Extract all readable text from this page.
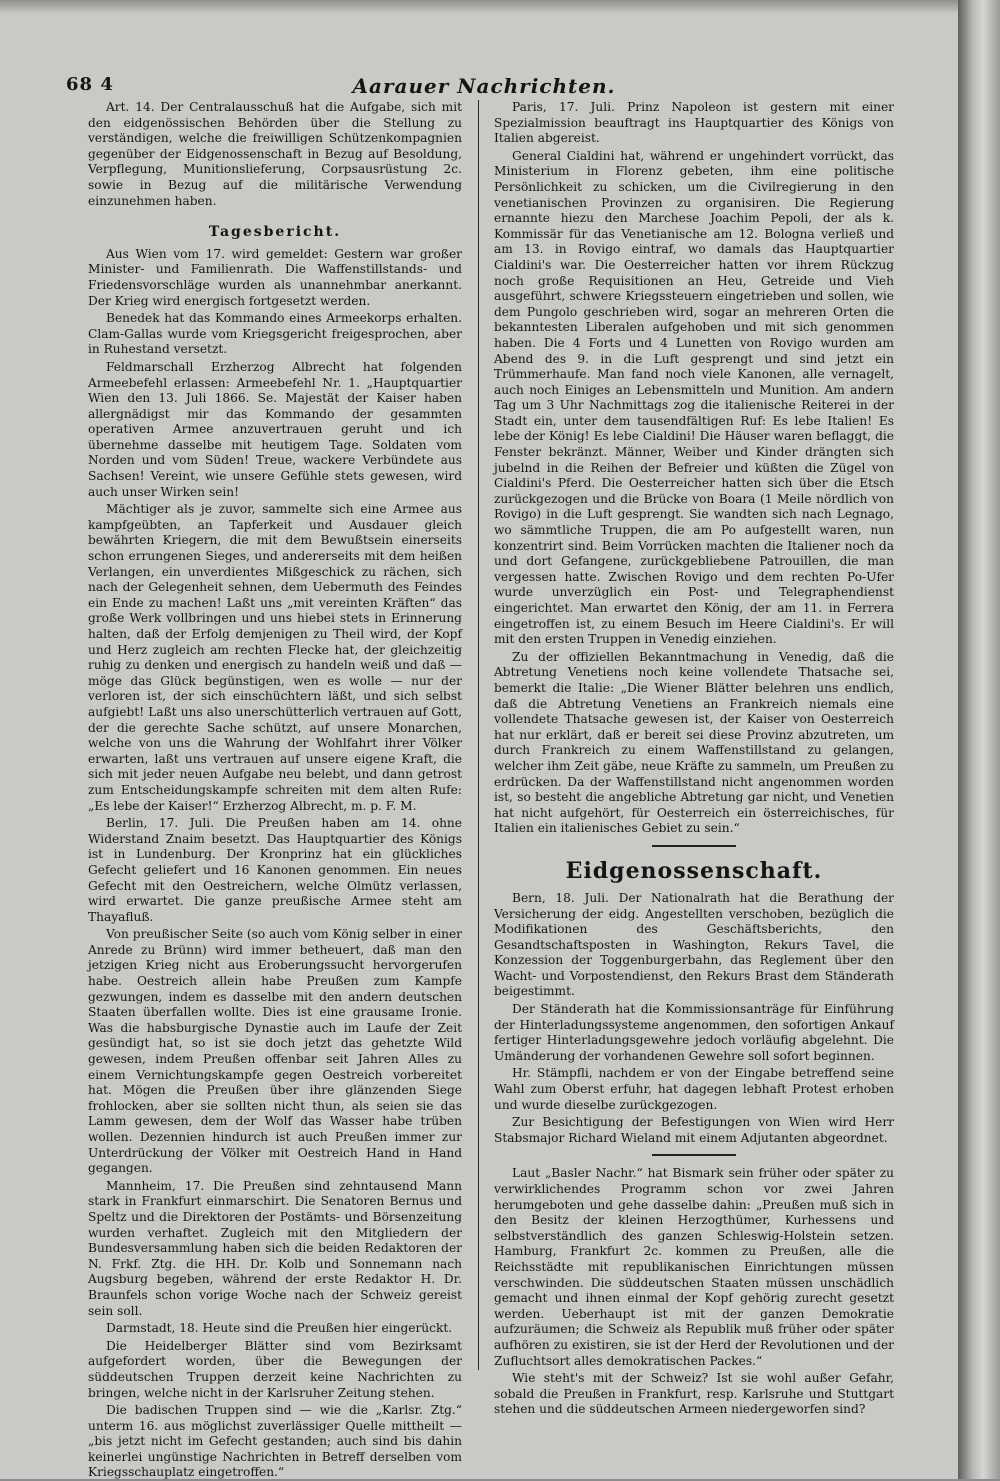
68 4	Aarauer Nachrichten.

Art. 14. Der Centralausschuß hat die Aufgabe, sich mit den eidgenössischen Behörden über die Stellung zu verständigen, welche die freiwilligen Schützenkompagnien gegenüber der Eidgenossenschaft in Bezug auf Besoldung, Verpflegung, Munitionslieferung, Corpsausrüstung 2c. sowie in Bezug auf die militärische Verwendung einzunehmen haben.

Tagesbericht.

Aus Wien vom 17. wird gemeldet: Gestern war großer Minister- und Familienrath. Die Waffenstillstands- und Friedensvorschläge wurden als unannehmbar anerkannt. Der Krieg wird energisch fortgesetzt werden.

Benedek hat das Kommando eines Armeekorps erhalten. Clam-Gallas wurde vom Kriegsgericht freigesprochen, aber in Ruhestand versetzt.

Feldmarschall Erzherzog Albrecht hat folgenden Armeebefehl erlassen: Armeebefehl Nr. 1. „Hauptquartier Wien den 13. Juli 1866. Se. Majestät der Kaiser haben allergnädigst mir das Kommando der gesammten operativen Armee anzuvertrauen geruht und ich übernehme dasselbe mit heutigem Tage. Soldaten vom Norden und vom Süden! Treue, wackere Verbündete aus Sachsen! Vereint, wie unsere Gefühle stets gewesen, wird auch unser Wirken sein!

Mächtiger als je zuvor, sammelte sich eine Armee aus kampfgeübten, an Tapferkeit und Ausdauer gleich bewährten Kriegern, die mit dem Bewußtsein einerseits schon errungenen Sieges, und andererseits mit dem heißen Verlangen, ein unverdientes Mißgeschick zu rächen, sich nach der Gelegenheit sehnen, dem Uebermuth des Feindes ein Ende zu machen! Laßt uns „mit vereinten Kräften“ das große Werk vollbringen und uns hiebei stets in Erinnerung halten, daß der Erfolg demjenigen zu Theil wird, der Kopf und Herz zugleich am rechten Flecke hat, der gleichzeitig ruhig zu denken und energisch zu handeln weiß und daß — möge das Glück begünstigen, wen es wolle — nur der verloren ist, der sich einschüchtern läßt, und sich selbst aufgiebt! Laßt uns also unerschütterlich vertrauen auf Gott, der die gerechte Sache schützt, auf unsere Monarchen, welche von uns die Wahrung der Wohlfahrt ihrer Völker erwarten, laßt uns vertrauen auf unsere eigene Kraft, die sich mit jeder neuen Aufgabe neu belebt, und dann getrost zum Entscheidungskampfe schreiten mit dem alten Rufe: „Es lebe der Kaiser!“ Erzherzog Albrecht, m. p. F. M.

Berlin, 17. Juli. Die Preußen haben am 14. ohne Widerstand Znaim besetzt. Das Hauptquartier des Königs ist in Lundenburg. Der Kronprinz hat ein glückliches Gefecht geliefert und 16 Kanonen genommen. Ein neues Gefecht mit den Oestreichern, welche Olmütz verlassen, wird erwartet. Die ganze preußische Armee steht am Thayafluß.

Von preußischer Seite (so auch vom König selber in einer Anrede zu Brünn) wird immer betheuert, daß man den jetzigen Krieg nicht aus Eroberungssucht hervorgerufen habe. Oestreich allein habe Preußen zum Kampfe gezwungen, indem es dasselbe mit den andern deutschen Staaten überfallen wollte. Dies ist eine grausame Ironie. Was die habsburgische Dynastie auch im Laufe der Zeit gesündigt hat, so ist sie doch jetzt das gehetzte Wild gewesen, indem Preußen offenbar seit Jahren Alles zu einem Vernichtungskampfe gegen Oestreich vorbereitet hat. Mögen die Preußen über ihre glänzenden Siege frohlocken, aber sie sollten nicht thun, als seien sie das Lamm gewesen, dem der Wolf das Wasser habe trüben wollen. Dezennien hindurch ist auch Preußen immer zur Unterdrückung der Völker mit Oestreich Hand in Hand gegangen.

Mannheim, 17. Die Preußen sind zehntausend Mann stark in Frankfurt einmarschirt. Die Senatoren Bernus und Speltz und die Direktoren der Postämts- und Börsenzeitung wurden verhaftet. Zugleich mit den Mitgliedern der Bundesversammlung haben sich die beiden Redaktoren der N. Frkf. Ztg. die HH. Dr. Kolb und Sonnemann nach Augsburg begeben, während der erste Redaktor H. Dr. Braunfels schon vorige Woche nach der Schweiz gereist sein soll.

Darmstadt, 18. Heute sind die Preußen hier eingerückt.

Die Heidelberger Blätter sind vom Bezirksamt aufgefordert worden, über die Bewegungen der süddeutschen Truppen derzeit keine Nachrichten zu bringen, welche nicht in der Karlsruher Zeitung stehen.

Die badischen Truppen sind — wie die „Karlsr. Ztg.“ unterm 16. aus möglichst zuverlässiger Quelle mittheilt — „bis jetzt nicht im Gefecht gestanden; auch sind bis dahin keinerlei ungünstige Nachrichten in Betreff derselben vom Kriegsschauplatz eingetroffen.“

Paris, 17. Juli. Prinz Napoleon ist gestern mit einer Spezialmission beauftragt ins Hauptquartier des Königs von Italien abgereist.

General Cialdini hat, während er ungehindert vorrückt, das Ministerium in Florenz gebeten, ihm eine politische Persönlichkeit zu schicken, um die Civilregierung in den venetianischen Provinzen zu organisiren. Die Regierung ernannte hiezu den Marchese Joachim Pepoli, der als k. Kommissär für das Venetianische am 12. Bologna verließ und am 13. in Rovigo eintraf, wo damals das Hauptquartier Cialdini's war. Die Oesterreicher hatten vor ihrem Rückzug noch große Requisitionen an Heu, Getreide und Vieh ausgeführt, schwere Kriegssteuern eingetrieben und sollen, wie dem Pungolo geschrieben wird, sogar an mehreren Orten die bekanntesten Liberalen aufgehoben und mit sich genommen haben. Die 4 Forts und 4 Lunetten von Rovigo wurden am Abend des 9. in die Luft gesprengt und sind jetzt ein Trümmerhaufe. Man fand noch viele Kanonen, alle vernagelt, auch noch Einiges an Lebensmitteln und Munition. Am andern Tag um 3 Uhr Nachmittags zog die italienische Reiterei in der Stadt ein, unter dem tausendfältigen Ruf: Es lebe Italien! Es lebe der König! Es lebe Cialdini! Die Häuser waren beflaggt, die Fenster bekränzt. Männer, Weiber und Kinder drängten sich jubelnd in die Reihen der Befreier und küßten die Zügel von Cialdini's Pferd. Die Oesterreicher hatten sich über die Etsch zurückgezogen und die Brücke von Boara (1 Meile nördlich von Rovigo) in die Luft gesprengt. Sie wandten sich nach Legnago, wo sämmtliche Truppen, die am Po aufgestellt waren, nun konzentrirt sind. Beim Vorrücken machten die Italiener noch da und dort Gefangene, zurückgebliebene Patrouillen, die man vergessen hatte. Zwischen Rovigo und dem rechten Po-Ufer wurde unverzüglich ein Post- und Telegraphendienst eingerichtet. Man erwartet den König, der am 11. in Ferrera eingetroffen ist, zu einem Besuch im Heere Cialdini's. Er will mit den ersten Truppen in Venedig einziehen.

Zu der offiziellen Bekanntmachung in Venedig, daß die Abtretung Venetiens noch keine vollendete Thatsache sei, bemerkt die Italie: „Die Wiener Blätter belehren uns endlich, daß die Abtretung Venetiens an Frankreich niemals eine vollendete Thatsache gewesen ist, der Kaiser von Oesterreich hat nur erklärt, daß er bereit sei diese Provinz abzutreten, um durch Frankreich zu einem Waffenstillstand zu gelangen, welcher ihm Zeit gäbe, neue Kräfte zu sammeln, um Preußen zu erdrücken. Da der Waffenstillstand nicht angenommen worden ist, so besteht die angebliche Abtretung gar nicht, und Venetien hat nicht aufgehört, für Oesterreich ein österreichisches, für Italien ein italienisches Gebiet zu sein.“

Eidgenossenschaft.

Bern, 18. Juli. Der Nationalrath hat die Berathung der Versicherung der eidg. Angestellten verschoben, bezüglich die Modifikationen des Geschäftsberichts, den Gesandtschaftsposten in Washington, Rekurs Tavel, die Konzession der Toggenburgerbahn, das Reglement über den Wacht- und Vorpostendienst, den Rekurs Brast dem Ständerath beigestimmt.

Der Ständerath hat die Kommissionsanträge für Einführung der Hinterladungssysteme angenommen, den sofortigen Ankauf fertiger Hinterladungsgewehre jedoch vorläufig abgelehnt. Die Umänderung der vorhandenen Gewehre soll sofort beginnen.

Hr. Stämpfli, nachdem er von der Eingabe betreffend seine Wahl zum Oberst erfuhr, hat dagegen lebhaft Protest erhoben und wurde dieselbe zurückgezogen.

Zur Besichtigung der Befestigungen von Wien wird Herr Stabsmajor Richard Wieland mit einem Adjutanten abgeordnet.

Laut „Basler Nachr.“ hat Bismark sein früher oder später zu verwirklichendes Programm schon vor zwei Jahren herumgeboten und gehe dasselbe dahin: „Preußen muß sich in den Besitz der kleinen Herzogthümer, Kurhessens und selbstverständlich des ganzen Schleswig-Holstein setzen. Hamburg, Frankfurt 2c. kommen zu Preußen, alle die Reichsstädte mit republikanischen Einrichtungen müssen verschwinden. Die süddeutschen Staaten müssen unschädlich gemacht und ihnen einmal der Kopf gehörig zurecht gesetzt werden. Ueberhaupt ist mit der ganzen Demokratie aufzuräumen; die Schweiz als Republik muß früher oder später aufhören zu existiren, sie ist der Herd der Revolutionen und der Zufluchtsort alles demokratischen Packes.“

Wie steht's mit der Schweiz? Ist sie wohl außer Gefahr, sobald die Preußen in Frankfurt, resp. Karlsruhe und Stuttgart stehen und die süddeutschen Armeen niedergeworfen sind?
